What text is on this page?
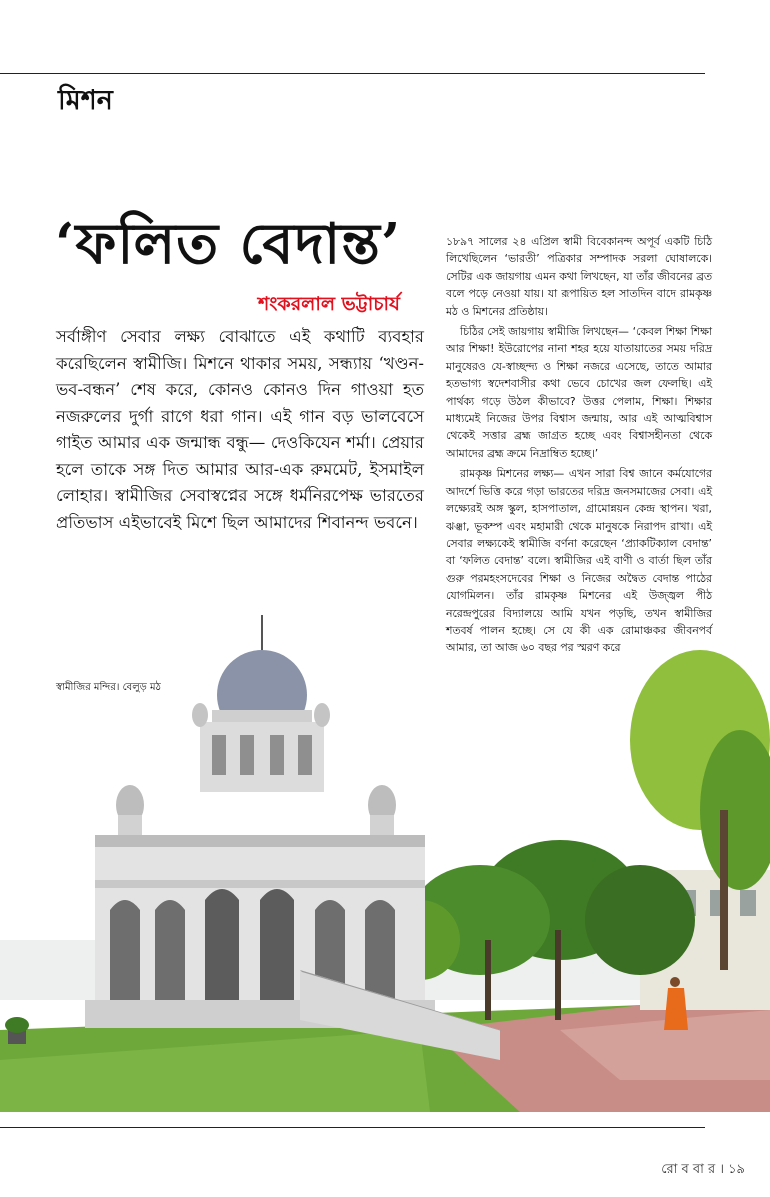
মিশন
‘ফলিত বেদান্ত’

শংকরলাল ভট্টাচার্য

সর্বাঙ্গীণ সেবার লক্ষ্য বোঝাতে এই কথাটি ব্যবহার করেছিলেন স্বামীজি। মিশনে থাকার সময়, সন্ধ্যায় ‘খণ্ডন-ভব-বন্ধন’ শেষ করে, কোনও কোনও দিন গাওয়া হত নজরুলের দুর্গা রাগে ধরা গান। এই গান বড় ভালবেসে গাইত আমার এক জন্মান্ধ বন্ধু— দেওকিযেন শর্মা। প্রেয়ার হলে তাকে সঙ্গ দিত আমার আর-এক রুমমেট, ইসমাইল লোহার। স্বামীজির সেবাস্বপ্নের সঙ্গে ধর্মনিরপেক্ষ ভারতের প্রতিভাস এইভাবেই মিশে ছিল আমাদের শিবানন্দ ভবনে।

১৮৯৭ সালের ২৪ এপ্রিল স্বামী বিবেকানন্দ অপূর্ব একটি চিঠি লিখেছিলেন ‘ভারতী’ পত্রিকার সম্পাদক সরলা ঘোষালকে। সেটির এক জায়গায় এমন কথা লিখছেন, যা তাঁর জীবনের ব্রত বলে পড়ে নেওয়া যায়। যা রূপায়িত হল সাতদিন বাদে রামকৃষ্ণ মঠ ও মিশনের প্রতিষ্ঠায়।

চিঠির সেই জায়গায় স্বামীজি লিখছেন— ‘কেবল শিক্ষা শিক্ষা আর শিক্ষা! ইউরোপের নানা শহর হয়ে যাতায়াতের সময় দরিদ্র মানুষেরও যে-স্বাচ্ছন্দ্য ও শিক্ষা নজরে এসেছে, তাতে আমার হতভাগ্য স্বদেশবাসীর কথা ভেবে চোখের জল ফেলছি। এই পার্থক্য গড়ে উঠল কীভাবে? উত্তর পেলাম, শিক্ষা। শিক্ষার মাধ্যমেই নিজের উপর বিশ্বাস জন্মায়, আর এই আত্মবিশ্বাস থেকেই সত্তার ব্রহ্ম জাগ্রত হচ্ছে এবং বিশ্বাসহীনতা থেকে আমাদের ব্রহ্ম ক্রমে নিদ্রাম্বিত হচ্ছে।’

রামকৃষ্ণ মিশনের লক্ষ্য— এখন সারা বিশ্ব জানে কর্মযোগের আদর্শে ভিত্তি করে গড়া ভারতের দরিদ্র জনসমাজের সেবা। এই লক্ষ্যেরই অঙ্গ স্কুল, হাসপাতাল, গ্রামোন্নয়ন কেন্দ্র স্থাপন। খরা, ঝঞ্ঝা, ভূকম্প এবং মহামারী থেকে মানুষকে নিরাপদ রাখা। এই সেবার লক্ষ্যকেই স্বামীজি বর্ণনা করেছেন ‘প্র্যাকটিক্যাল বেদান্ত’ বা ‘ফলিত বেদান্ত’ বলে। স্বামীজির এই বাণী ও বার্তা ছিল তাঁর গুরু পরমহংসদেবের শিক্ষা ও নিজের অদ্বৈত বেদান্ত পাঠের যোগমিলন। তাঁর রামকৃষ্ণ মিশনের এই উজ্জ্বল পীঠ নরেন্দ্রপুরের বিদ্যালয়ে আমি যখন পড়ছি, তখন স্বামীজির শতবর্ষ পালন হচ্ছে। সে যে কী এক রোমাঞ্চকর জীবনপর্ব আমার, তা আজ ৬০ বছর পর স্মরণ করে

স্বামীজির মন্দির। বেলুড় মঠ

রো ব বা র । ১৯
